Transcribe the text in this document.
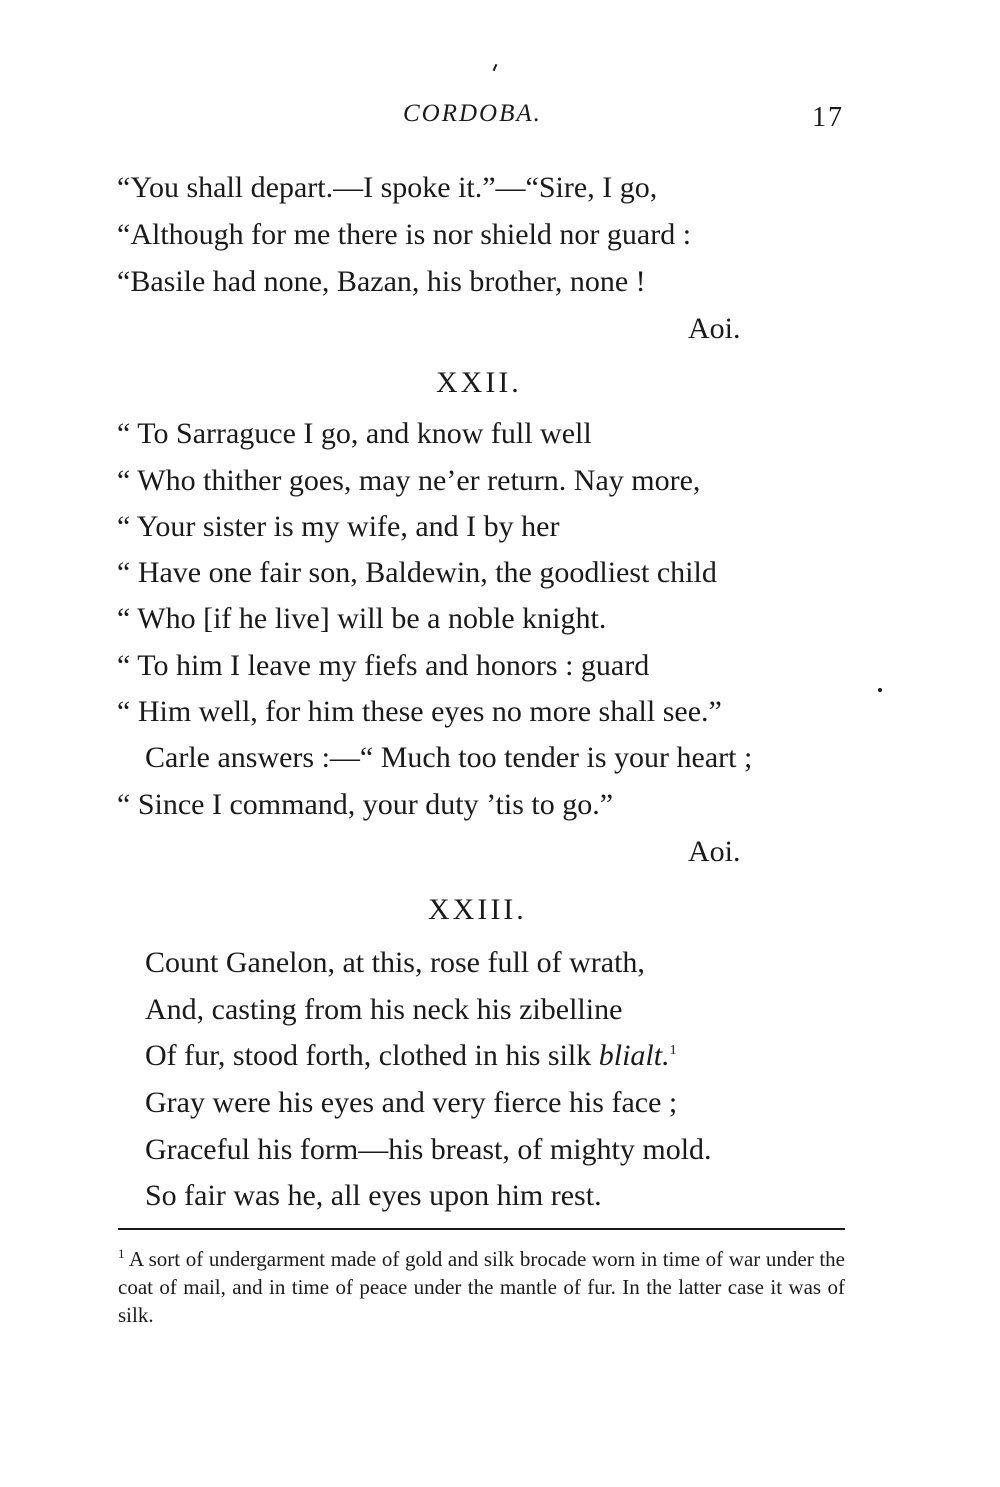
CORDOBA.	17
“You shall depart.—I spoke it.”—“Sire, I go,
“Although for me there is nor shield nor guard :
“Basile had none, Bazan, his brother, none !
Aoi.
XXII.
“ To Sarraguce I go, and know full well
“ Who thither goes, may ne’er return. Nay more,
“ Your sister is my wife, and I by her
“ Have one fair son, Baldewin, the goodliest child
“ Who [if he live] will be a noble knight.
“ To him I leave my fiefs and honors : guard
“ Him well, for him these eyes no more shall see.”
Carle answers :—“ Much too tender is your heart ;
“ Since I command, your duty ’tis to go.”
Aoi.
XXIII.
Count Ganelon, at this, rose full of wrath,
And, casting from his neck his zibelline
Of fur, stood forth, clothed in his silk blialt.$^1$
Gray were his eyes and very fierce his face ;
Graceful his form—his breast, of mighty mold.
So fair was he, all eyes upon him rest.
$^1$ A sort of undergarment made of gold and silk brocade worn in time of war under the coat of mail, and in time of peace under the mantle of fur. In the latter case it was of silk.
